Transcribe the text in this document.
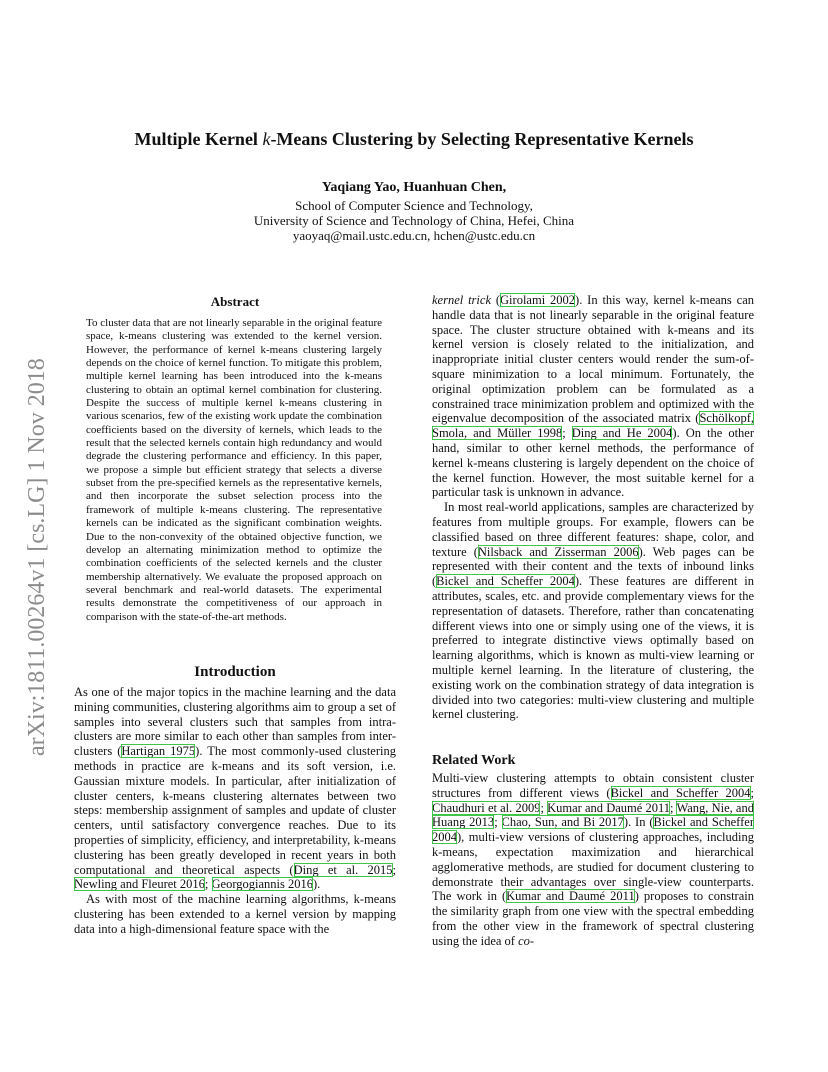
arXiv:1811.00264v1 [cs.LG] 1 Nov 2018
Multiple Kernel k-Means Clustering by Selecting Representative Kernels
Yaqiang Yao, Huanhuan Chen,
School of Computer Science and Technology,
University of Science and Technology of China, Hefei, China
yaoyaq@mail.ustc.edu.cn, hchen@ustc.edu.cn
Abstract

To cluster data that are not linearly separable in the original feature space, k-means clustering was extended to the kernel version. However, the performance of kernel k-means clustering largely depends on the choice of kernel function. To mitigate this problem, multiple kernel learning has been introduced into the k-means clustering to obtain an optimal kernel combination for clustering. Despite the success of multiple kernel k-means clustering in various scenarios, few of the existing work update the combination coefficients based on the diversity of kernels, which leads to the result that the selected kernels contain high redundancy and would degrade the clustering performance and efficiency. In this paper, we propose a simple but efficient strategy that selects a diverse subset from the pre-specified kernels as the representative kernels, and then incorporate the subset selection process into the framework of multiple k-means clustering. The representative kernels can be indicated as the significant combination weights. Due to the non-convexity of the obtained objective function, we develop an alternating minimization method to optimize the combination coefficients of the selected kernels and the cluster membership alternatively. We evaluate the proposed approach on several benchmark and real-world datasets. The experimental results demonstrate the competitiveness of our approach in comparison with the state-of-the-art methods.

Introduction

As one of the major topics in the machine learning and the data mining communities, clustering algorithms aim to group a set of samples into several clusters such that samples from intra-clusters are more similar to each other than samples from inter-clusters (Hartigan 1975). The most commonly-used clustering methods in practice are k-means and its soft version, i.e. Gaussian mixture models. In particular, after initialization of cluster centers, k-means clustering alternates between two steps: membership assignment of samples and update of cluster centers, until satisfactory convergence reaches. Due to its properties of simplicity, efficiency, and interpretability, k-means clustering has been greatly developed in recent years in both computational and theoretical aspects (Ding et al. 2015; Newling and Fleuret 2016; Georgogiannis 2016).

As with most of the machine learning algorithms, k-means clustering has been extended to a kernel version by mapping data into a high-dimensional feature space with the

kernel trick (Girolami 2002). In this way, kernel k-means can handle data that is not linearly separable in the original feature space. The cluster structure obtained with k-means and its kernel version is closely related to the initialization, and inappropriate initial cluster centers would render the sum-of-square minimization to a local minimum. Fortunately, the original optimization problem can be formulated as a constrained trace minimization problem and optimized with the eigenvalue decomposition of the associated matrix (Schölkopf, Smola, and Müller 1998; Ding and He 2004). On the other hand, similar to other kernel methods, the performance of kernel k-means clustering is largely dependent on the choice of the kernel function. However, the most suitable kernel for a particular task is unknown in advance.

In most real-world applications, samples are characterized by features from multiple groups. For example, flowers can be classified based on three different features: shape, color, and texture (Nilsback and Zisserman 2006). Web pages can be represented with their content and the texts of inbound links (Bickel and Scheffer 2004). These features are different in attributes, scales, etc. and provide complementary views for the representation of datasets. Therefore, rather than concatenating different views into one or simply using one of the views, it is preferred to integrate distinctive views optimally based on learning algorithms, which is known as multi-view learning or multiple kernel learning. In the literature of clustering, the existing work on the combination strategy of data integration is divided into two categories: multi-view clustering and multiple kernel clustering.

Related Work

Multi-view clustering attempts to obtain consistent cluster structures from different views (Bickel and Scheffer 2004; Chaudhuri et al. 2009; Kumar and Daumé 2011; Wang, Nie, and Huang 2013; Chao, Sun, and Bi 2017). In (Bickel and Scheffer 2004), multi-view versions of clustering approaches, including k-means, expectation maximization and hierarchical agglomerative methods, are studied for document clustering to demonstrate their advantages over single-view counterparts. The work in (Kumar and Daumé 2011) proposes to constrain the similarity graph from one view with the spectral embedding from the other view in the framework of spectral clustering using the idea of co-
